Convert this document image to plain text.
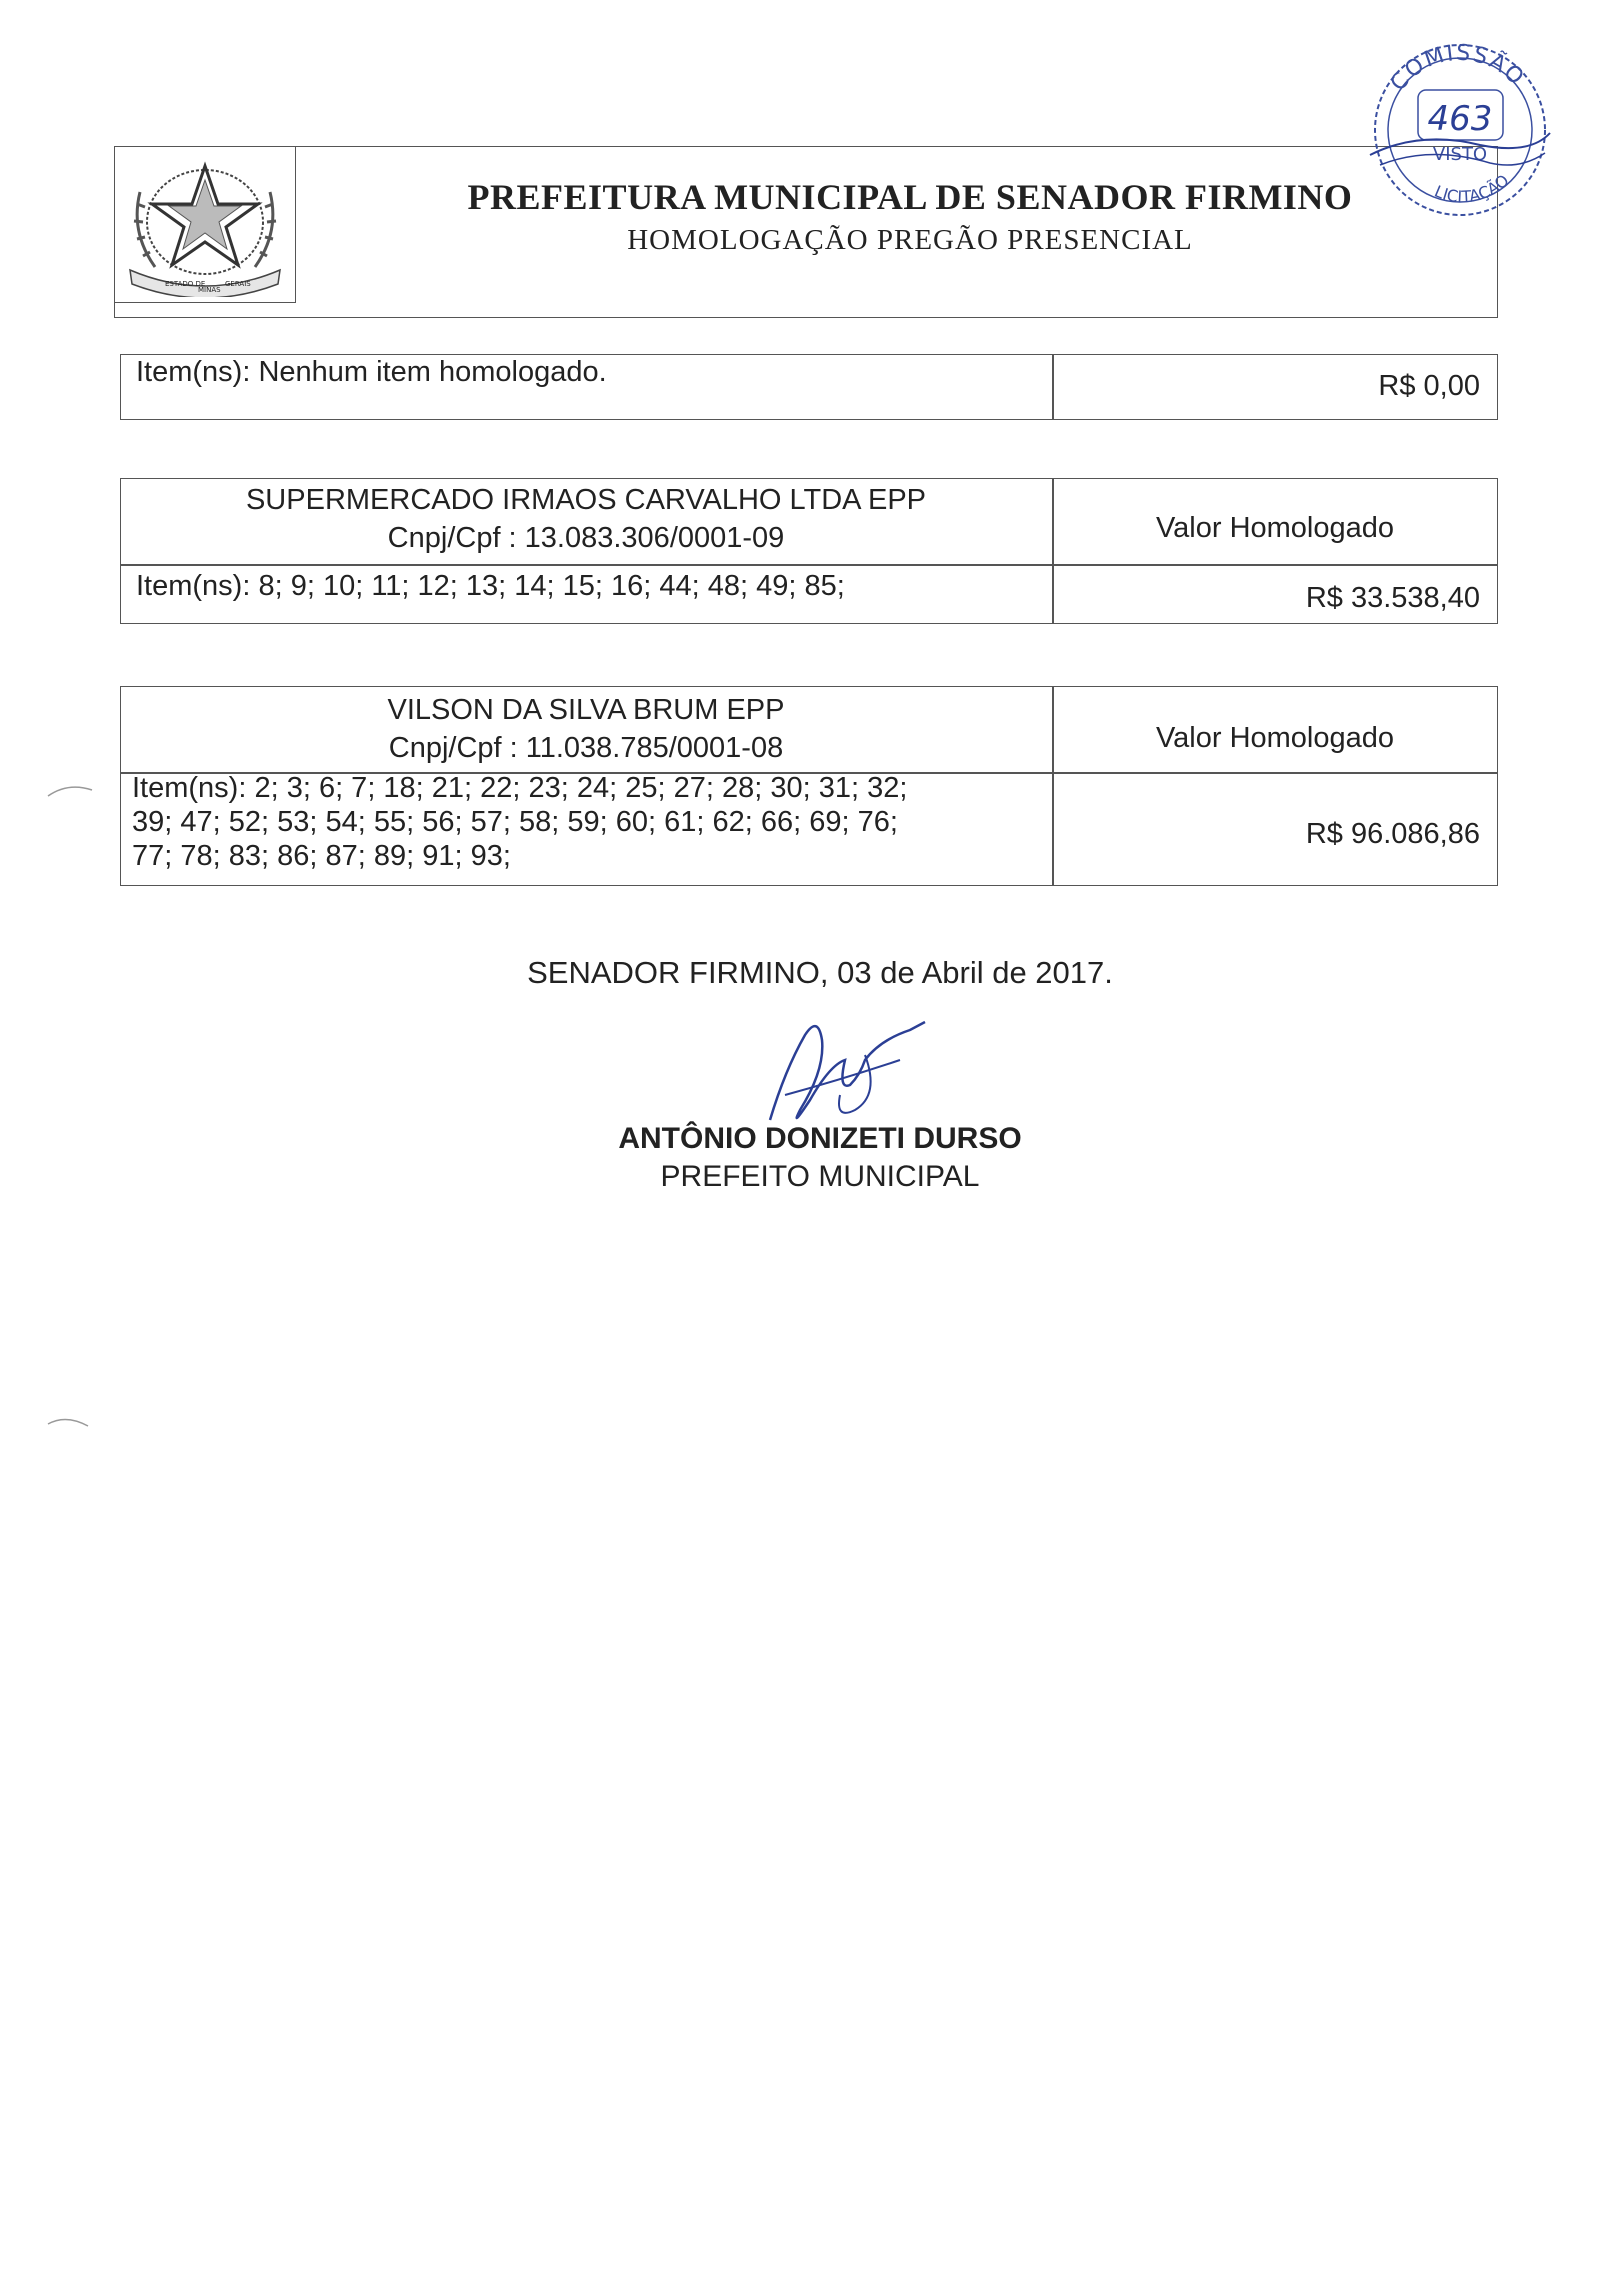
ESTADO DE
MINAS
GERAIS
PREFEITURA MUNICIPAL DE SENADOR FIRMINO
HOMOLOGAÇÃO PREGÃO PRESENCIAL
COMISSÃO
463
VISTO
LICITAÇÃO
Item(ns): Nenhum item homologado.	R$ 0,00
SUPERMERCADO IRMAOS CARVALHO LTDA EPP
Cnpj/Cpf : 13.083.306/0001-09	Valor Homologado
Item(ns): 8; 9; 10; 11; 12; 13; 14; 15; 16; 44; 48; 49; 85;	R$ 33.538,40
VILSON DA SILVA BRUM EPP
Cnpj/Cpf : 11.038.785/0001-08	Valor Homologado
Item(ns): 2; 3; 6; 7; 18; 21; 22; 23; 24; 25; 27; 28; 30; 31; 32;
39; 47; 52; 53; 54; 55; 56; 57; 58; 59; 60; 61; 62; 66; 69; 76;
77; 78; 83; 86; 87; 89; 91; 93;
R$ 96.086,86
SENADOR FIRMINO, 03 de Abril de 2017.
ANTÔNIO DONIZETI DURSO
PREFEITO MUNICIPAL
